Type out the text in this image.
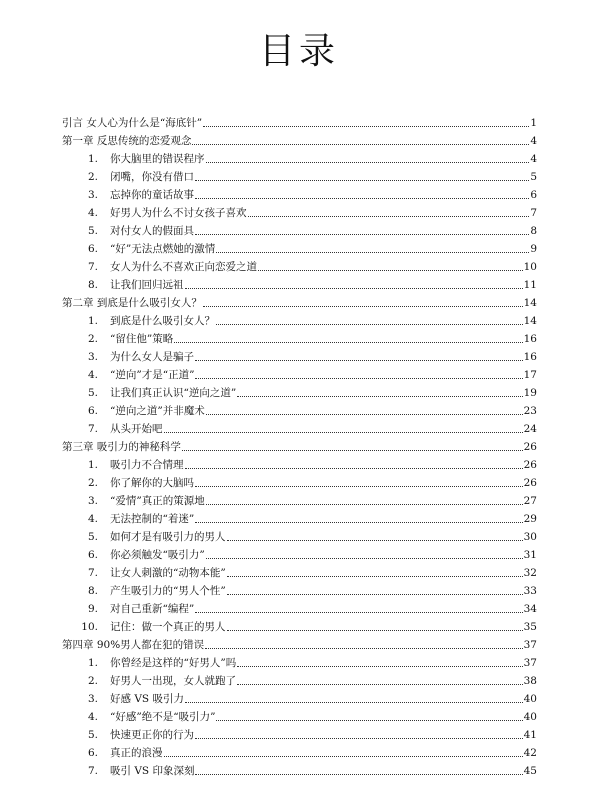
目录
引言 女人心为什么是“海底针”	1
第一章 反思传统的恋爱观念	4
1.	你大脑里的错误程序	4
2.	闭嘴，你没有借口	5
3.	忘掉你的童话故事	6
4.	好男人为什么不讨女孩子喜欢	7
5.	对付女人的假面具	8
6.	“好”无法点燃她的激情	9
7.	女人为什么不喜欢正向恋爱之道	10
8.	让我们回归远祖	11
第二章 到底是什么吸引女人？	14
1.	到底是什么吸引女人？	14
2.	“留住他”策略	16
3.	为什么女人是骗子	16
4.	“逆向”才是“正道”	17
5.	让我们真正认识“逆向之道”	19
6.	“逆向之道”并非魔术	23
7.	从头开始吧	24
第三章 吸引力的神秘科学	26
1.	吸引力不合情理	26
2.	你了解你的大脑吗	26
3.	“爱情”真正的策源地	27
4.	无法控制的“着迷”	29
5.	如何才是有吸引力的男人	30
6.	你必须触发“吸引力”	31
7.	让女人刺激的“动物本能”	32
8.	产生吸引力的“男人个性”	33
9.	对自己重新“编程”	34
10.	记住：做一个真正的男人	35
第四章 90%男人都在犯的错误	37
1.	你曾经是这样的“好男人”吗	37
2.	好男人一出现，女人就跑了	38
3.	好感 VS 吸引力	40
4.	“好感”绝不是“吸引力”	40
5.	快速更正你的行为	41
6.	真正的浪漫	42
7.	吸引 VS 印象深刻	45
